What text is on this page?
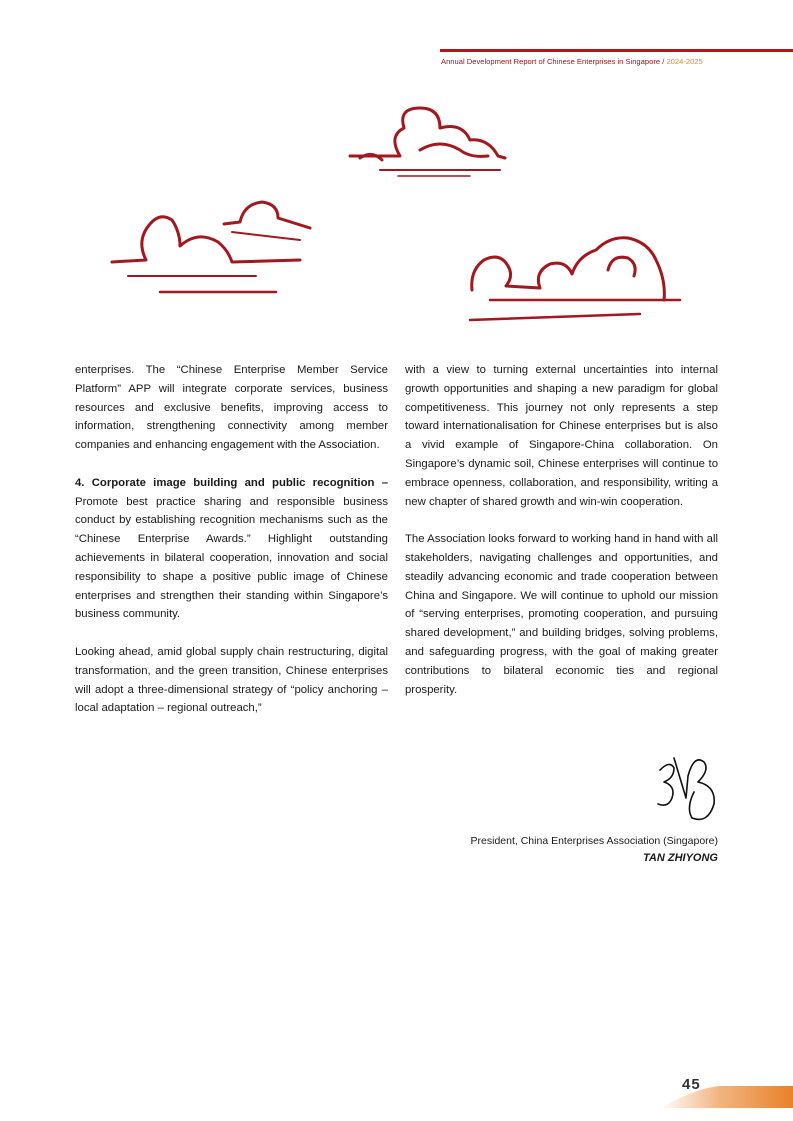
Annual Development Report of Chinese Enterprises in Singapore / 2024-2025

enterprises. The “Chinese Enterprise Member Service Platform” APP will integrate corporate services, business resources and exclusive benefits, improving access to information, strengthening connectivity among member companies and enhancing engagement with the Association.

4. Corporate image building and public recognition – Promote best practice sharing and responsible business conduct by establishing recognition mechanisms such as the “Chinese Enterprise Awards.” Highlight outstanding achievements in bilateral cooperation, innovation and social responsibility to shape a positive public image of Chinese enterprises and strengthen their standing within Singapore’s business community.

Looking ahead, amid global supply chain restructuring, digital transformation, and the green transition, Chinese enterprises will adopt a three-dimensional strategy of “policy anchoring – local adaptation – regional outreach,”

with a view to turning external uncertainties into internal growth opportunities and shaping a new paradigm for global competitiveness. This journey not only represents a step toward internationalisation for Chinese enterprises but is also a vivid example of Singapore-China collaboration. On Singapore’s dynamic soil, Chinese enterprises will continue to embrace openness, collaboration, and responsibility, writing a new chapter of shared growth and win-win cooperation.

The Association looks forward to working hand in hand with all stakeholders, navigating challenges and opportunities, and steadily advancing economic and trade cooperation between China and Singapore. We will continue to uphold our mission of “serving enterprises, promoting cooperation, and pursuing shared development,” and building bridges, solving problems, and safeguarding progress, with the goal of making greater contributions to bilateral economic ties and regional prosperity.

President, China Enterprises Association (Singapore)
TAN ZHIYONG
45
